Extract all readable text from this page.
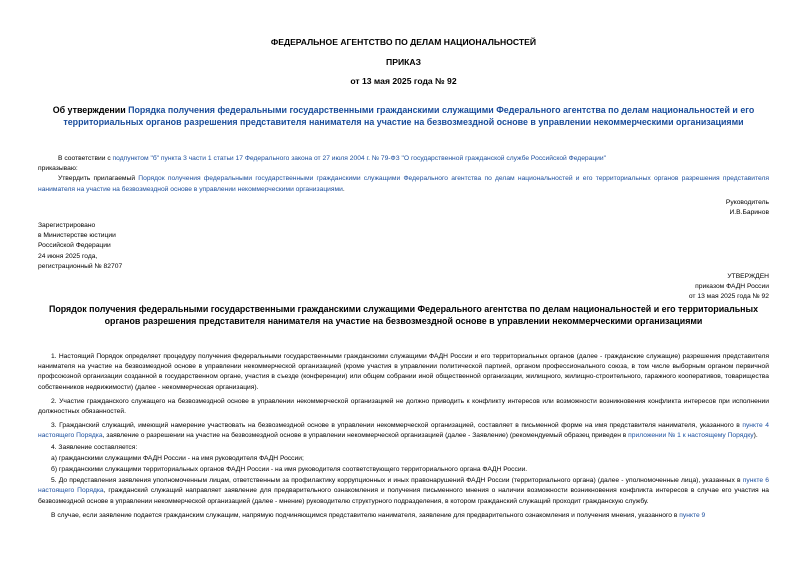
ФЕДЕРАЛЬНОЕ АГЕНТСТВО ПО ДЕЛАМ НАЦИОНАЛЬНОСТЕЙ
ПРИКАЗ
от 13 мая 2025 года № 92
Об утверждении Порядка получения федеральными государственными гражданскими служащими Федерального агентства по делам национальностей и его территориальных органов разрешения представителя нанимателя на участие на безвозмездной основе в управлении некоммерческими организациями
В соответствии с подпунктом "б" пункта 3 части 1 статьи 17 Федерального закона от 27 июля 2004 г. № 79-ФЗ "О государственной гражданской службе Российской Федерации"
приказываю:
Утвердить прилагаемый Порядок получения федеральными государственными гражданскими служащими Федерального агентства по делам национальностей и его территориальных органов разрешения представителя нанимателя на участие на безвозмездной основе в управлении некоммерческими организациями.
Руководитель
И.В.Баринов
Зарегистрировано
в Министерстве юстиции
Российской Федерации
24 июня 2025 года,
регистрационный № 82707
УТВЕРЖДЕН
приказом ФАДН России
от 13 мая 2025 года № 92
Порядок получения федеральными государственными гражданскими служащими Федерального агентства по делам национальностей и его территориальных органов разрешения представителя нанимателя на участие на безвозмездной основе в управлении некоммерческими организациями
1. Настоящий Порядок определяет процедуру получения федеральными государственными гражданскими служащими ФАДН России и его территориальных органов (далее - гражданские служащие) разрешения представителя нанимателя на участие на безвозмездной основе в управлении некоммерческой организацией (кроме участия в управлении политической партией, органом профессионального союза, в том числе выборным органом первичной профсоюзной организации созданной в государственном органе, участия в съезде (конференции) или общем собрании иной общественной организации, жилищного, жилищно-строительного, гаражного кооперативов, товарищества собственников недвижимости) (далее - некоммерческая организация).
2. Участие гражданского служащего на безвозмездной основе в управлении некоммерческой организацией не должно приводить к конфликту интересов или возможности возникновения конфликта интересов при исполнении должностных обязанностей.
3. Гражданский служащий, имеющий намерение участвовать на безвозмездной основе в управлении некоммерческой организацией, составляет в письменной форме на имя представителя нанимателя, указанного в пункте 4 настоящего Порядка, заявление о разрешении на участие на безвозмездной основе в управлении некоммерческой организацией (далее - Заявление) (рекомендуемый образец приведен в приложении № 1 к настоящему Порядку).
4. Заявление составляется:
а) гражданскими служащими ФАДН России - на имя руководителя ФАДН России;
б) гражданскими служащими территориальных органов ФАДН России - на имя руководителя соответствующего территориального органа ФАДН России.
5. До представления заявления уполномоченным лицам, ответственным за профилактику коррупционных и иных правонарушений ФАДН России (территориального органа) (далее - уполномоченные лица), указанных в пункте 6 настоящего Порядка, гражданский служащий направляет заявление для предварительного ознакомления и получения письменного мнения о наличии возможности возникновения конфликта интересов в случае его участия на безвозмездной основе в управлении некоммерческой организацией (далее - мнение) руководителю структурного подразделения, в котором гражданский служащий проходит гражданскую службу.
В случае, если заявление подается гражданским служащим, напрямую подчиняющимся представителю нанимателя, заявление для предварительного ознакомления и получения мнения, указанного в пункте 9
